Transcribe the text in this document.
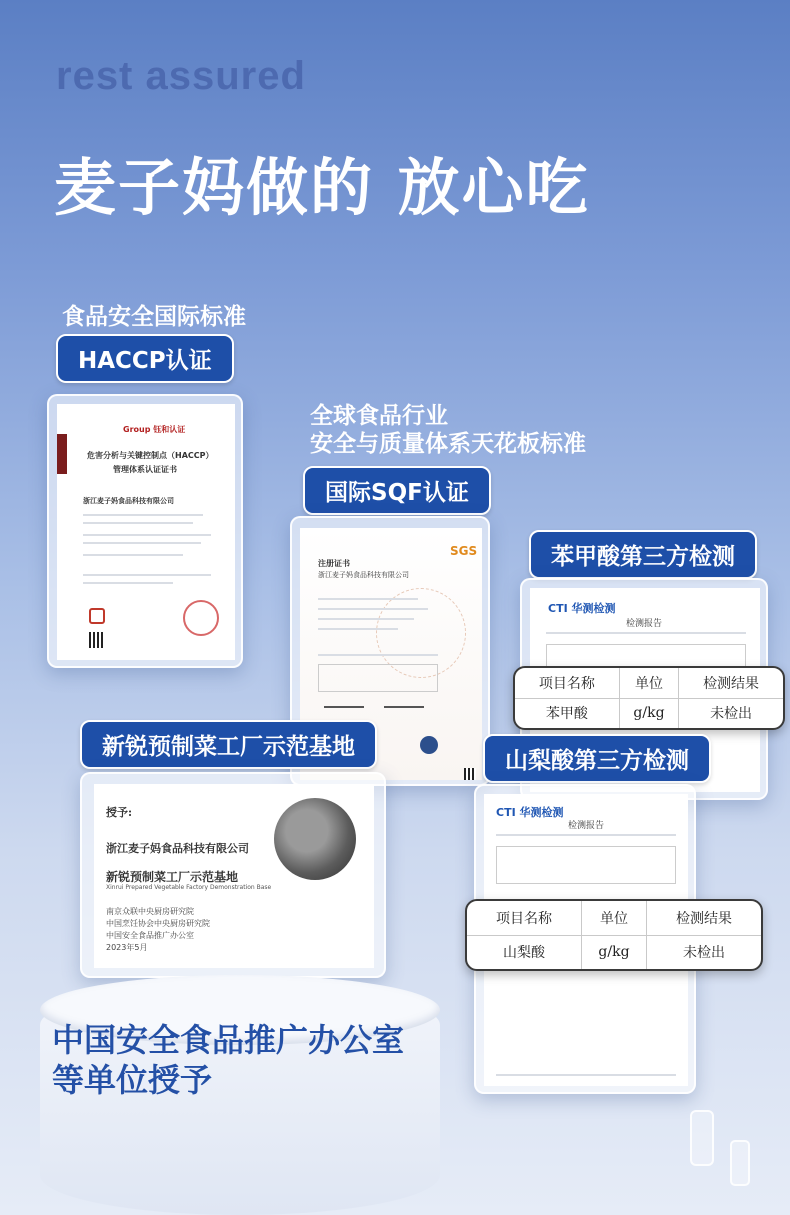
rest assured
麦子妈做的 放心吃
食品安全国际标准
HACCP认证
Group 钰和认证
危害分析与关键控制点（HACCP）
管理体系认证证书
浙江麦子妈食品科技有限公司
全球食品行业
安全与质量体系天花板标准
国际SQF认证
SGS
注册证书
浙江麦子妈食品科技有限公司
苯甲酸第三方检测
CTI 华测检测
检测报告
项目名称	单位	检测结果
苯甲酸	g/kg	未检出
新锐预制菜工厂示范基地
授予:
浙江麦子妈食品科技有限公司
新锐预制菜工厂示范基地
Xinrui Prepared Vegetable Factory Demonstration Base
南京众联中央厨房研究院
中国烹饪协会中央厨房研究院
中国安全食品推广办公室
2023年5月
山梨酸第三方检测
CTI 华测检测
检测报告
项目名称	单位	检测结果
山梨酸	g/kg	未检出
中国安全食品推广办公室
等单位授予
